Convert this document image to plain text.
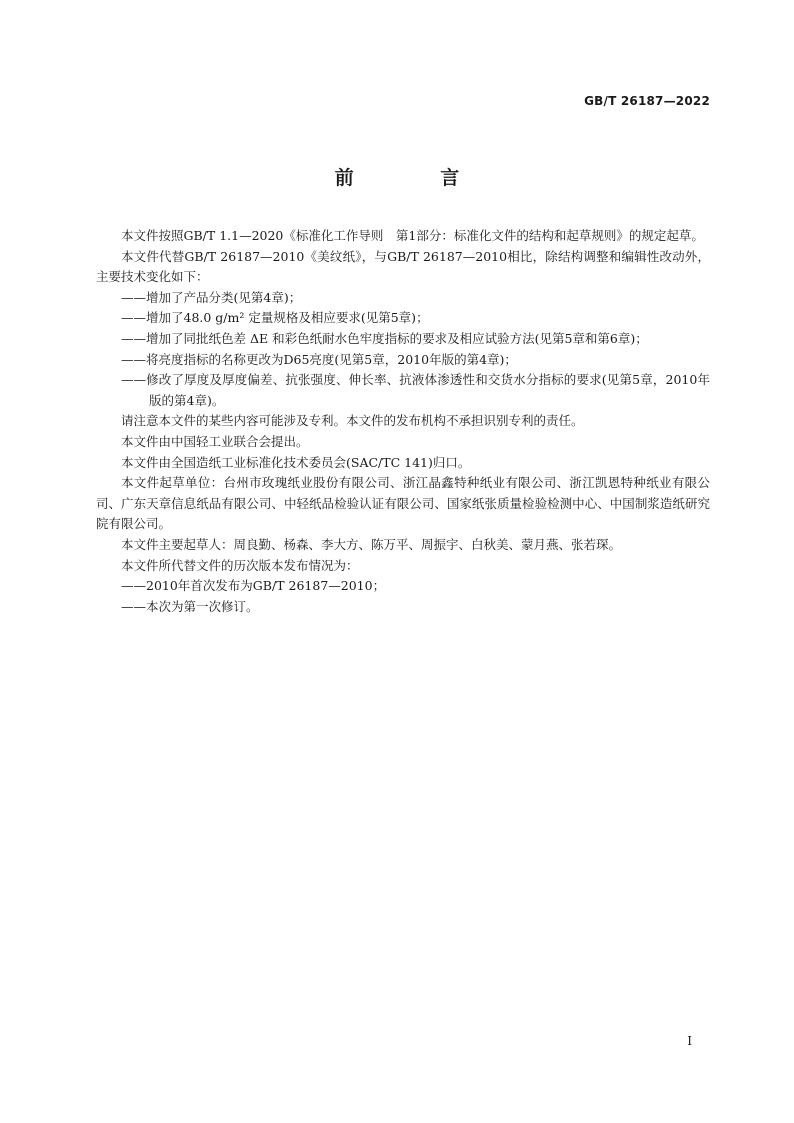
GB/T 26187—2022
前 言

本文件按照GB/T 1.1—2020《标准化工作导则　第1部分：标准化文件的结构和起草规则》的规定起草。

本文件代替GB/T 26187—2010《美纹纸》，与GB/T 26187—2010相比，除结构调整和编辑性改动外，主要技术变化如下：

——增加了产品分类(见第4章)；

——增加了48.0 g/m² 定量规格及相应要求(见第5章)；

——增加了同批纸色差 ΔE 和彩色纸耐水色牢度指标的要求及相应试验方法(见第5章和第6章)；

——将亮度指标的名称更改为D65亮度(见第5章，2010年版的第4章)；

——修改了厚度及厚度偏差、抗张强度、伸长率、抗液体渗透性和交货水分指标的要求(见第5章，2010年版的第4章)。

请注意本文件的某些内容可能涉及专利。本文件的发布机构不承担识别专利的责任。

本文件由中国轻工业联合会提出。

本文件由全国造纸工业标准化技术委员会(SAC/TC 141)归口。

本文件起草单位：台州市玫瑰纸业股份有限公司、浙江晶鑫特种纸业有限公司、浙江凯恩特种纸业有限公司、广东天章信息纸品有限公司、中轻纸品检验认证有限公司、国家纸张质量检验检测中心、中国制浆造纸研究院有限公司。

本文件主要起草人：周良勤、杨森、李大方、陈万平、周振宇、白秋美、蒙月燕、张若琛。

本文件所代替文件的历次版本发布情况为：

——2010年首次发布为GB/T 26187—2010；

——本次为第一次修订。

I
